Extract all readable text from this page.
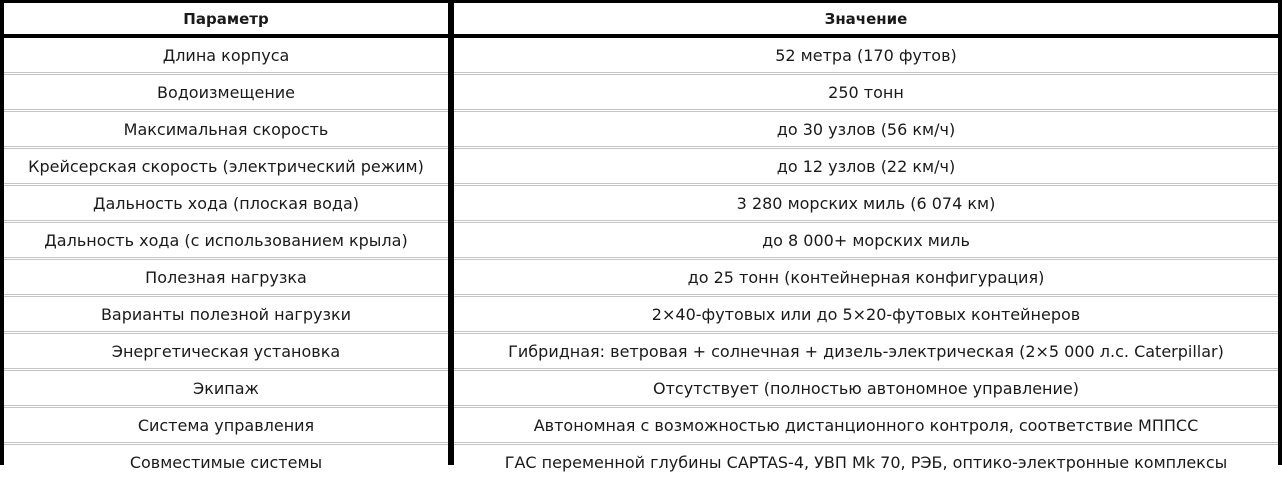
Параметр		Значение
Длина корпуса		52 метра (170 футов)
Водоизмещение		250 тонн
Максимальная скорость		до 30 узлов (56 км/ч)
Крейсерская скорость (электрический режим)		до 12 узлов (22 км/ч)
Дальность хода (плоская вода)		3 280 морских миль (6 074 км)
Дальность хода (с использованием крыла)		до 8 000+ морских миль
Полезная нагрузка		до 25 тонн (контейнерная конфигурация)
Варианты полезной нагрузки		2×40-футовых или до 5×20-футовых контейнеров
Энергетическая установка		Гибридная: ветровая + солнечная + дизель-электрическая (2×5 000 л.с. Caterpillar)
Экипаж		Отсутствует (полностью автономное управление)
Система управления		Автономная с возможностью дистанционного контроля, соответствие МППСС
Совместимые системы		ГАС переменной глубины CAPTAS-4, УВП Mk 70, РЭБ, оптико-электронные комплексы
